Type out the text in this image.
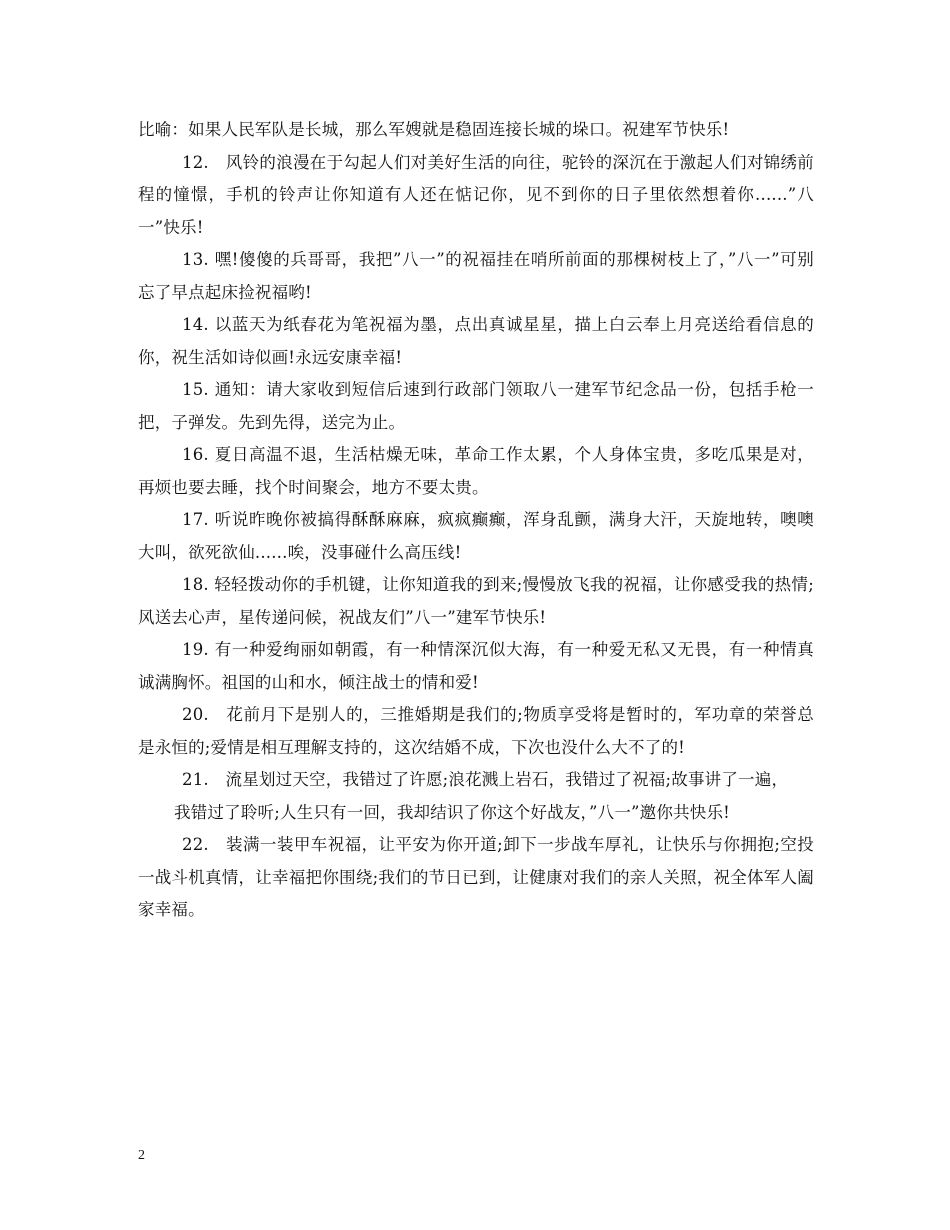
比喻：如果人民军队是长城，那么军嫂就是稳固连接长城的垛口。祝建军节快乐!

12.　风铃的浪漫在于勾起人们对美好生活的向往，驼铃的深沉在于激起人们对锦绣前程的憧憬，手机的铃声让你知道有人还在惦记你，见不到你的日子里依然想着你......”八一”快乐!

13. 嘿!傻傻的兵哥哥，我把”八一”的祝福挂在哨所前面的那棵树枝上了，”八一”可别忘了早点起床捡祝福哟!

14. 以蓝天为纸春花为笔祝福为墨，点出真诚星星，描上白云奉上月亮送给看信息的你，祝生活如诗似画!永远安康幸福!

15. 通知：请大家收到短信后速到行政部门领取八一建军节纪念品一份，包括手枪一把，子弹发。先到先得，送完为止。

16. 夏日高温不退，生活枯燥无味，革命工作太累，个人身体宝贵，多吃瓜果是对，再烦也要去睡，找个时间聚会，地方不要太贵。

17. 听说昨晚你被搞得酥酥麻麻，疯疯癫癫，浑身乱颤，满身大汗，天旋地转，噢噢大叫，欲死欲仙......唉，没事碰什么高压线!

18. 轻轻拨动你的手机键，让你知道我的到来;慢慢放飞我的祝福，让你感受我的热情;风送去心声，星传递问候，祝战友们”八一”建军节快乐!

19. 有一种爱绚丽如朝霞，有一种情深沉似大海，有一种爱无私又无畏，有一种情真诚满胸怀。祖国的山和水，倾注战士的情和爱!

20.　花前月下是别人的，三推婚期是我们的;物质享受将是暂时的，军功章的荣誉总是永恒的;爱情是相互理解支持的，这次结婚不成，下次也没什么大不了的!

21.　流星划过天空，我错过了许愿;浪花溅上岩石，我错过了祝福;故事讲了一遍，

我错过了聆听;人生只有一回，我却结识了你这个好战友，”八一”邀你共快乐!

22.　装满一装甲车祝福，让平安为你开道;卸下一步战车厚礼，让快乐与你拥抱;空投一战斗机真情，让幸福把你围绕;我们的节日已到，让健康对我们的亲人关照，祝全体军人阖家幸福。

2
